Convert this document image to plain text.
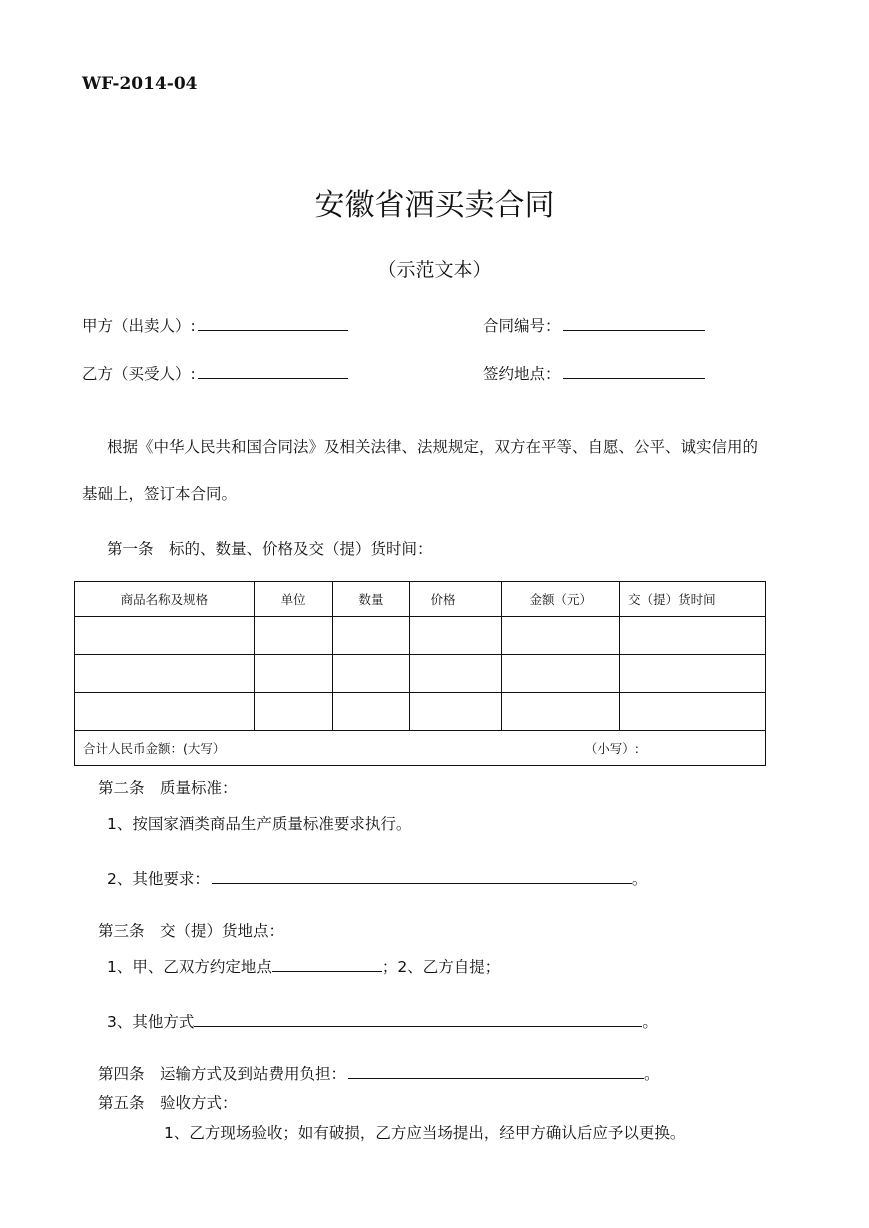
WF-2014-04
安徽省酒买卖合同
（示范文本）
甲方（出卖人）:	合同编号：
乙方（买受人）:	签约地点：
根据《中华人民共和国合同法》及相关法律、法规规定，双方在平等、自愿、公平、诚实信用的
基础上，签订本合同。
第一条　标的、数量、价格及交（提）货时间：
商品名称及规格	单位	数量	价格	金额（元）	交（提）货时间

合计人民币金额：(大写） （小写）:					
第二条　质量标准：
1、按国家酒类商品生产质量标准要求执行。
2、其他要求：	。
第三条　交（提）货地点：
1、甲、乙双方约定地点	；2、乙方自提；
3、其他方式	。
第四条　运输方式及到站费用负担：	。
第五条　验收方式：
1、乙方现场验收；如有破损，乙方应当场提出，经甲方确认后应予以更换。
